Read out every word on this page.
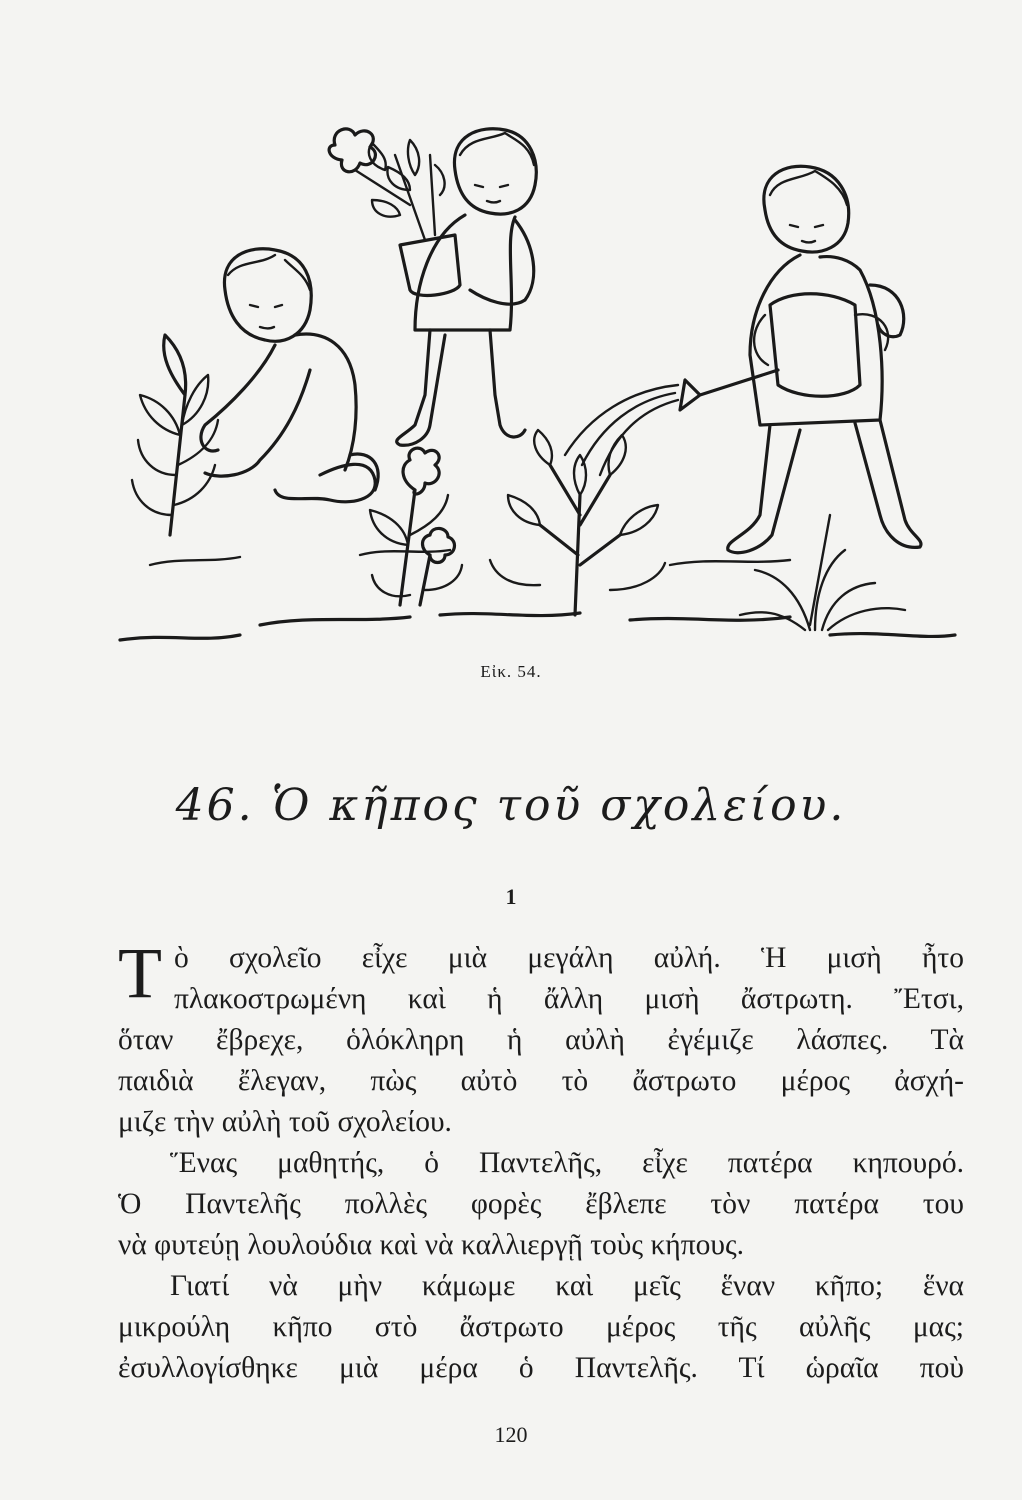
Εἰκ. 54.
46. Ὁ κῆπος τοῦ σχολείου.
1

Τὸ σχολεῖο εἶχε μιὰ μεγάλη αὐλή. Ἡ μισὴ ἦτο

πλακοστρωμένη καὶ ἡ ἄλλη μισὴ ἄστρωτη. Ἔτσι,

ὅταν ἔβρεχε, ὁλόκληρη ἡ αὐλὴ ἐγέμιζε λάσπες. Τὰ

παιδιὰ ἔλεγαν, πὼς αὐτὸ τὸ ἄστρωτο μέρος ἀσχή-

μιζε τὴν αὐλὴ τοῦ σχολείου.

Ἕνας μαθητής, ὁ Παντελῆς, εἶχε πατέρα κηπουρό.

Ὁ Παντελῆς πολλὲς φορὲς ἔβλεπε τὸν πατέρα του

νὰ φυτεύῃ λουλούδια καὶ νὰ καλλιεργῇ τοὺς κήπους.

Γιατί νὰ μὴν κάμωμε καὶ μεῖς ἕναν κῆπο; ἕνα

μικρούλη κῆπο στὸ ἄστρωτο μέρος τῆς αὐλῆς μας;

ἐσυλλογίσθηκε μιὰ μέρα ὁ Παντελῆς. Τί ὡραῖα ποὺ

120
